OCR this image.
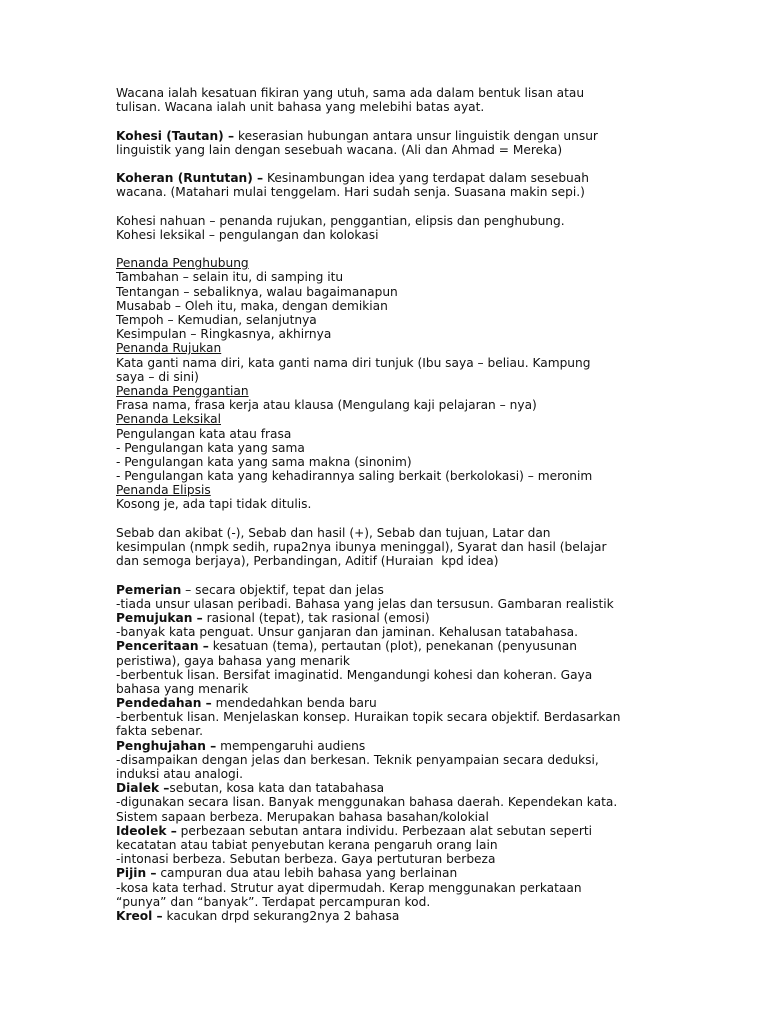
Wacana ialah kesatuan fikiran yang utuh, sama ada dalam bentuk lisan atau
tulisan. Wacana ialah unit bahasa yang melebihi batas ayat.
Kohesi (Tautan) – keserasian hubungan antara unsur linguistik dengan unsur
linguistik yang lain dengan sesebuah wacana. (Ali dan Ahmad = Mereka)
Koheran (Runtutan) – Kesinambungan idea yang terdapat dalam sesebuah
wacana. (Matahari mulai tenggelam. Hari sudah senja. Suasana makin sepi.)
Kohesi nahuan – penanda rujukan, penggantian, elipsis dan penghubung.
Kohesi leksikal – pengulangan dan kolokasi
Penanda Penghubung
Tambahan – selain itu, di samping itu
Tentangan – sebaliknya, walau bagaimanapun
Musabab – Oleh itu, maka, dengan demikian
Tempoh – Kemudian, selanjutnya
Kesimpulan – Ringkasnya, akhirnya
Penanda Rujukan
Kata ganti nama diri, kata ganti nama diri tunjuk (Ibu saya – beliau. Kampung
saya – di sini)
Penanda Penggantian
Frasa nama, frasa kerja atau klausa (Mengulang kaji pelajaran – nya)
Penanda Leksikal
Pengulangan kata atau frasa
- Pengulangan kata yang sama
- Pengulangan kata yang sama makna (sinonim)
- Pengulangan kata yang kehadirannya saling berkait (berkolokasi) – meronim
Penanda Elipsis
Kosong je, ada tapi tidak ditulis.
Sebab dan akibat (-), Sebab dan hasil (+), Sebab dan tujuan, Latar dan
kesimpulan (nmpk sedih, rupa2nya ibunya meninggal), Syarat dan hasil (belajar
dan semoga berjaya), Perbandingan, Aditif (Huraian  kpd idea)
Pemerian – secara objektif, tepat dan jelas
-tiada unsur ulasan peribadi. Bahasa yang jelas dan tersusun. Gambaran realistik
Pemujukan – rasional (tepat), tak rasional (emosi)
-banyak kata penguat. Unsur ganjaran dan jaminan. Kehalusan tatabahasa.
Penceritaan – kesatuan (tema), pertautan (plot), penekanan (penyusunan
peristiwa), gaya bahasa yang menarik
-berbentuk lisan. Bersifat imaginatid. Mengandungi kohesi dan koheran. Gaya
bahasa yang menarik
Pendedahan – mendedahkan benda baru
-berbentuk lisan. Menjelaskan konsep. Huraikan topik secara objektif. Berdasarkan
fakta sebenar.
Penghujahan – mempengaruhi audiens
-disampaikan dengan jelas dan berkesan. Teknik penyampaian secara deduksi,
induksi atau analogi.
Dialek –sebutan, kosa kata dan tatabahasa
-digunakan secara lisan. Banyak menggunakan bahasa daerah. Kependekan kata.
Sistem sapaan berbeza. Merupakan bahasa basahan/kolokial
Ideolek – perbezaan sebutan antara individu. Perbezaan alat sebutan seperti
kecatatan atau tabiat penyebutan kerana pengaruh orang lain
-intonasi berbeza. Sebutan berbeza. Gaya pertuturan berbeza
Pijin – campuran dua atau lebih bahasa yang berlainan
-kosa kata terhad. Strutur ayat dipermudah. Kerap menggunakan perkataan
“punya” dan “banyak”. Terdapat percampuran kod.
Kreol – kacukan drpd sekurang2nya 2 bahasa
